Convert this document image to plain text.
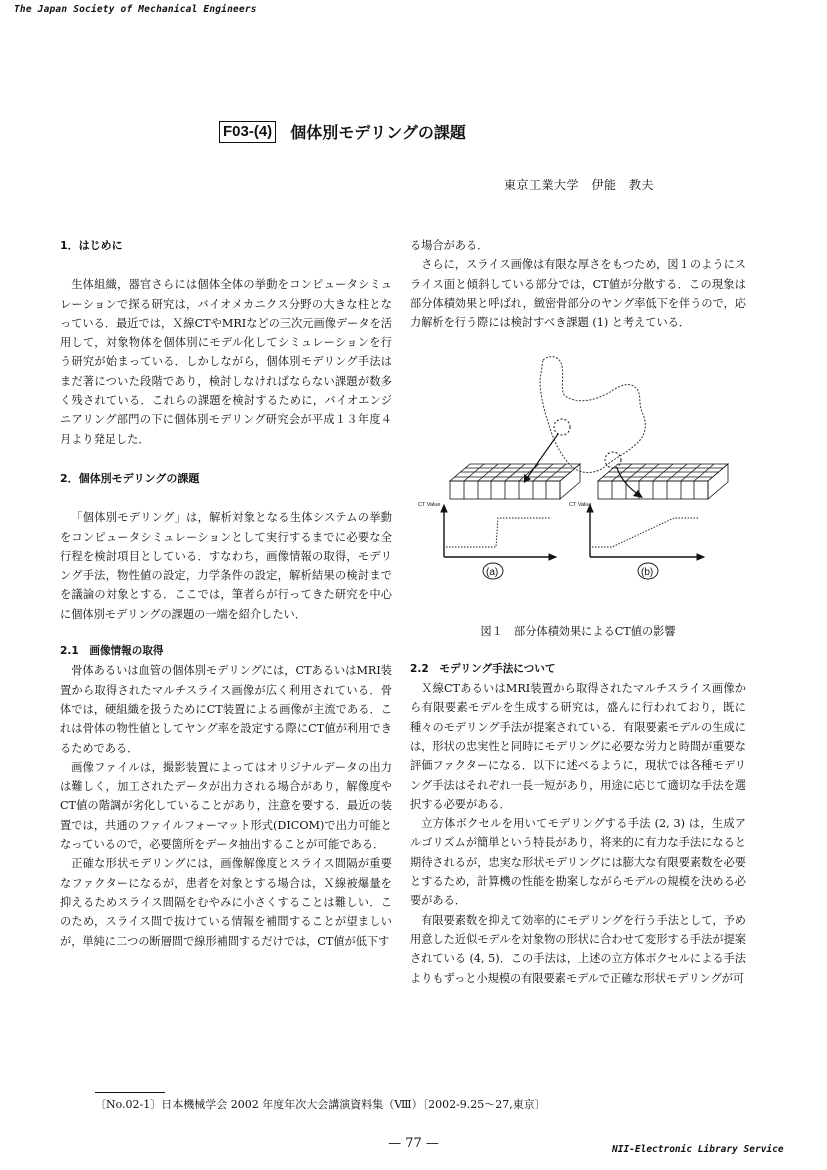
The Japan Society of Mechanical Engineers
F03-(4) 個体別モデリングの課題
東京工業大学　伊能　教夫

1．はじめに

生体組織，器官さらには個体全体の挙動をコンピュータシミュレーションで探る研究は，バイオメカニクス分野の大きな柱となっている．最近では，Ｘ線CTやMRIなどの三次元画像データを活用して，対象物体を個体別にモデル化してシミュレーションを行う研究が始まっている．しかしながら，個体別モデリング手法はまだ著についた段階であり，検討しなければならない課題が数多く残されている．これらの課題を検討するために，バイオエンジニアリング部門の下に個体別モデリング研究会が平成１３年度４月より発足した．

2．個体別モデリングの課題

「個体別モデリング」は，解析対象となる生体システムの挙動をコンピュータシミュレーションとして実行するまでに必要な全行程を検討項目としている．すなわち，画像情報の取得，モデリング手法，物性値の設定，力学条件の設定，解析結果の検討までを議論の対象とする．ここでは，筆者らが行ってきた研究を中心に個体別モデリングの課題の一端を紹介したい．

2.1　画像情報の取得

骨体あるいは血管の個体別モデリングには，CTあるいはMRI装置から取得されたマルチスライス画像が広く利用されている．骨体では，硬組織を扱うためにCT装置による画像が主流である．これは骨体の物性値としてヤング率を設定する際にCT値が利用できるためである．

画像ファイルは，撮影装置によってはオリジナルデータの出力は難しく，加工されたデータが出力される場合があり，解像度やCT値の階調が劣化していることがあり，注意を要する．最近の装置では，共通のファイルフォーマット形式(DICOM)で出力可能となっているので，必要箇所をデータ抽出することが可能である．

正確な形状モデリングには，画像解像度とスライス間隔が重要なファクターになるが，患者を対象とする場合は，Ｘ線被爆量を抑えるためスライス間隔をむやみに小さくすることは難しい．このため，スライス間で抜けている情報を補間することが望ましいが，単純に二つの断層間で線形補間するだけでは，CT値が低下す

る場合がある．

さらに，スライス画像は有限な厚さをもつため，図１のようにスライス面と傾斜している部分では，CT値が分散する．この現象は部分体積効果と呼ばれ，緻密骨部分のヤング率低下を伴うので，応力解析を行う際には検討すべき課題 (1) と考えている．

CT Value	CT Value
(a)	(b)

図１　部分体積効果によるCT値の影響

2.2　モデリング手法について

Ｘ線CTあるいはMRI装置から取得されたマルチスライス画像から有限要素モデルを生成する研究は，盛んに行われており，既に種々のモデリング手法が提案されている．有限要素モデルの生成には，形状の忠実性と同時にモデリングに必要な労力と時間が重要な評価ファクターになる．以下に述べるように，現状では各種モデリング手法はそれぞれ一長一短があり，用途に応じて適切な手法を選択する必要がある．

立方体ボクセルを用いてモデリングする手法 (2, 3) は，生成アルゴリズムが簡単という特長があり，将来的に有力な手法になると期待されるが，忠実な形状モデリングには膨大な有限要素数を必要とするため，計算機の性能を勘案しながらモデルの規模を決める必要がある．

有限要素数を抑えて効率的にモデリングを行う手法として，予め用意した近似モデルを対象物の形状に合わせて変形する手法が提案されている (4, 5)．この手法は，上述の立方体ボクセルによる手法よりもずっと小規模の有限要素モデルで正確な形状モデリングが可

〔No.02-1〕日本機械学会 2002 年度年次大会講演資料集（Ⅷ）〔2002-9.25～27,東京〕
— 77 —	NII-Electronic Library Service
